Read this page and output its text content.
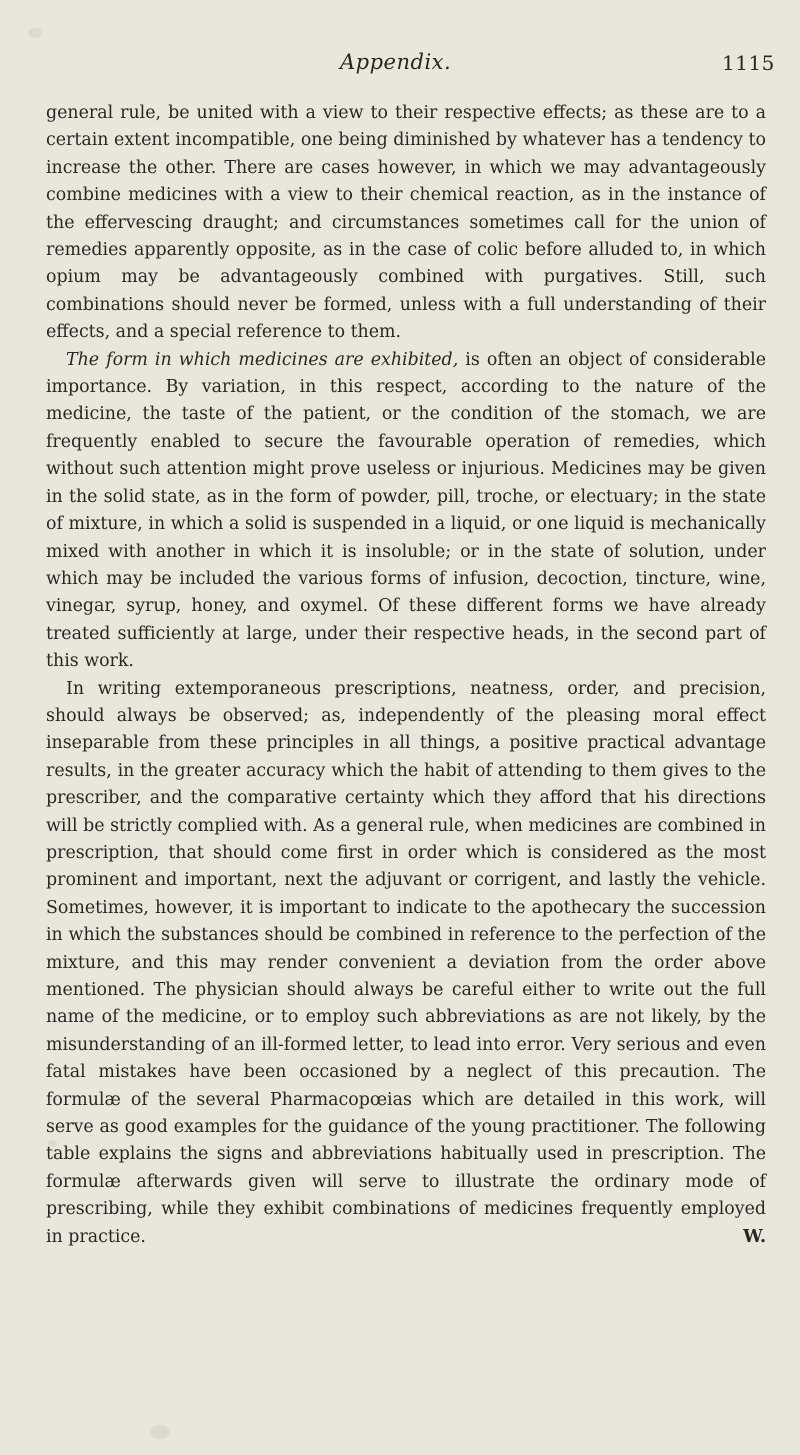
Appendix.	1115

general rule, be united with a view to their respective effects; as these are to a certain extent incompatible, one being diminished by whatever has a tendency to increase the other. There are cases however, in which we may advantageously combine medicines with a view to their chemical reaction, as in the instance of the effervescing draught; and circumstances sometimes call for the union of remedies apparently opposite, as in the case of colic before alluded to, in which opium may be advantageously combined with purgatives. Still, such combinations should never be formed, unless with a full understanding of their effects, and a special reference to them.

The form in which medicines are exhibited, is often an object of considerable importance. By variation, in this respect, according to the nature of the medicine, the taste of the patient, or the condition of the stomach, we are frequently enabled to secure the favourable operation of remedies, which without such attention might prove useless or injurious. Medicines may be given in the solid state, as in the form of powder, pill, troche, or electuary; in the state of mixture, in which a solid is suspended in a liquid, or one liquid is mechanically mixed with another in which it is insoluble; or in the state of solution, under which may be included the various forms of infusion, decoction, tincture, wine, vinegar, syrup, honey, and oxymel. Of these different forms we have already treated sufficiently at large, under their respective heads, in the second part of this work.

In writing extemporaneous prescriptions, neatness, order, and precision, should always be observed; as, independently of the pleasing moral effect inseparable from these principles in all things, a positive practical advantage results, in the greater accuracy which the habit of attending to them gives to the prescriber, and the comparative certainty which they afford that his directions will be strictly complied with. As a general rule, when medicines are combined in prescription, that should come first in order which is considered as the most prominent and important, next the adjuvant or corrigent, and lastly the vehicle. Sometimes, however, it is important to indicate to the apothecary the succession in which the substances should be combined in reference to the perfection of the mixture, and this may render convenient a deviation from the order above mentioned. The physician should always be careful either to write out the full name of the medicine, or to employ such abbreviations as are not likely, by the misunderstanding of an ill-formed letter, to lead into error. Very serious and even fatal mistakes have been occasioned by a neglect of this precaution. The formulæ of the several Pharmacopœias which are detailed in this work, will serve as good examples for the guidance of the young practitioner. The following table explains the signs and abbreviations habitually used in prescription. The formulæ afterwards given will serve to illustrate the ordinary mode of prescribing, while they exhibit combinations of medicines frequently employed in practice.	W.
